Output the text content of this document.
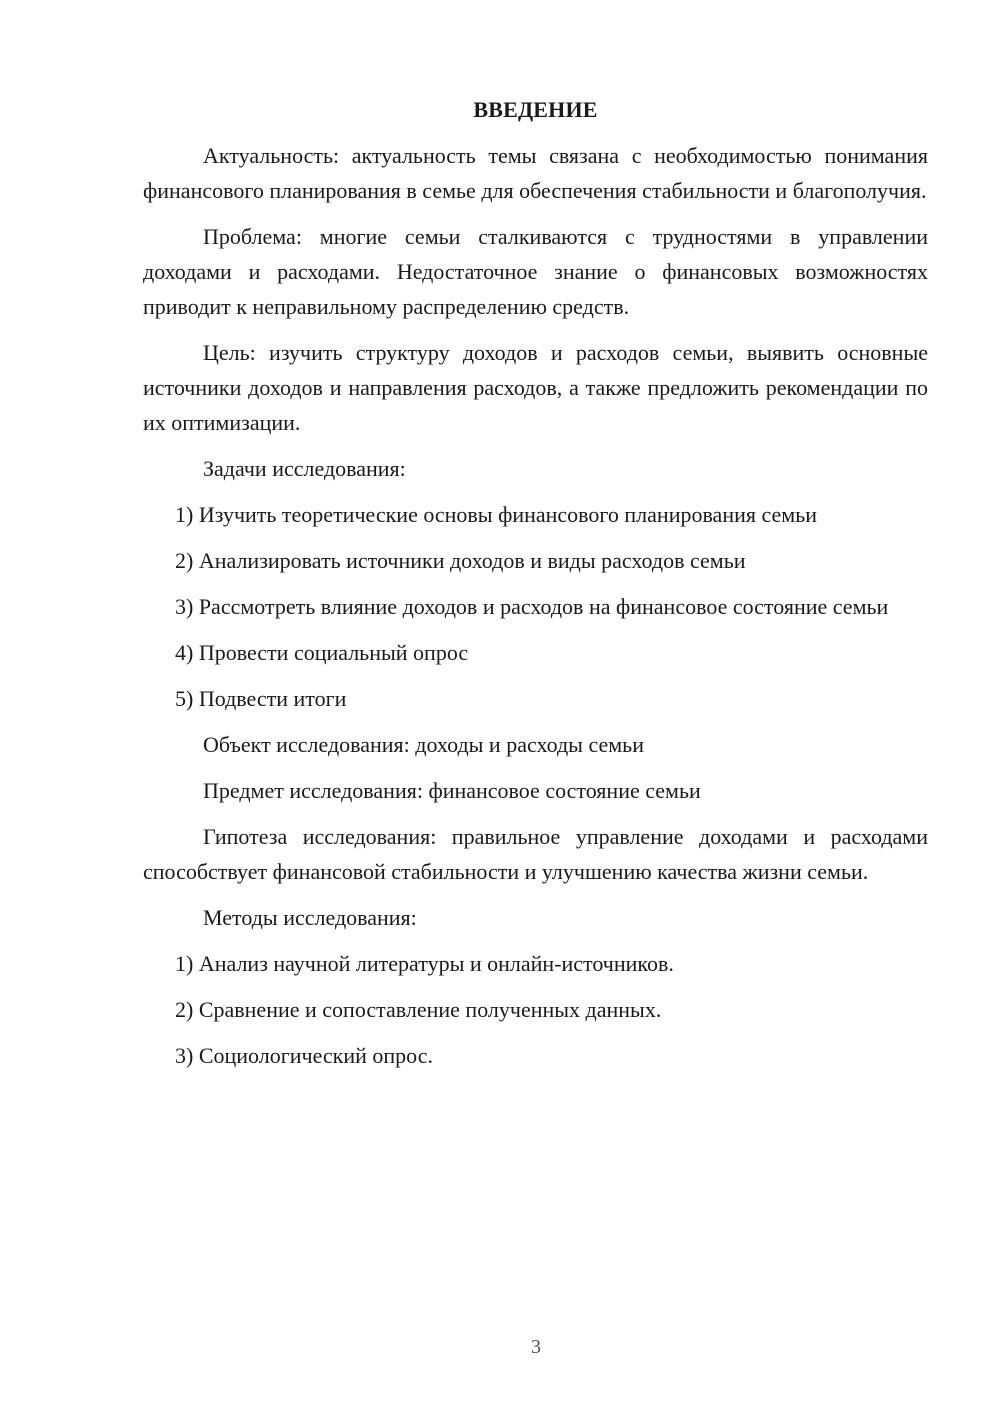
ВВЕДЕНИЕ

Актуальность: актуальность темы связана с необходимостью понимания финансового планирования в семье для обеспечения стабильности и благополучия.

Проблема: многие семьи сталкиваются с трудностями в управлении доходами и расходами. Недостаточное знание о финансовых возможностях приводит к неправильному распределению средств.

Цель: изучить структуру доходов и расходов семьи, выявить основные источники доходов и направления расходов, а также предложить рекомендации по их оптимизации.

Задачи исследования:

1) Изучить теоретические основы финансового планирования семьи

2) Анализировать источники доходов и виды расходов семьи

3) Рассмотреть влияние доходов и расходов на финансовое состояние семьи

4) Провести социальный опрос

5) Подвести итоги

Объект исследования: доходы и расходы семьи

Предмет исследования: финансовое состояние семьи

Гипотеза исследования: правильное управление доходами и расходами способствует финансовой стабильности и улучшению качества жизни семьи.

Методы исследования:

1) Анализ научной литературы и онлайн-источников.

2) Сравнение и сопоставление полученных данных.

3) Социологический опрос.

3
